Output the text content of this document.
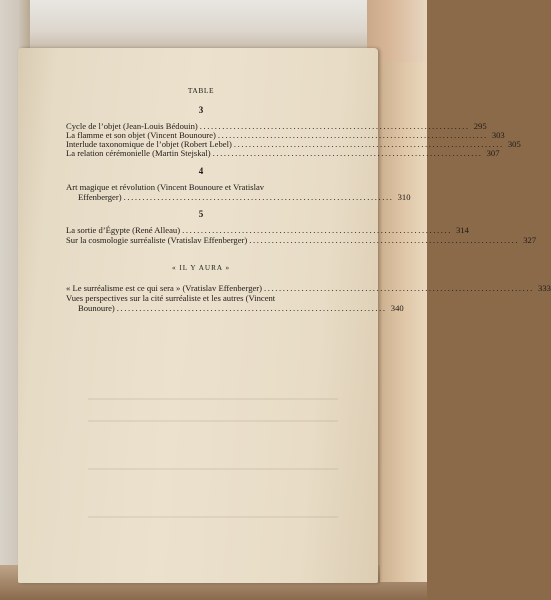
TABLE
3
Cycle de l’objet (Jean-Louis Bédouin) ........................................................................ 295
La flamme et son objet (Vincent Bounoure) ........................................................................ 303
Interlude taxonomique de l’objet (Robert Lebel) ........................................................................ 305
La relation cérémonielle (Martin Stejskal) ........................................................................ 307
4
Art magique et révolution (Vincent Bounoure et Vratislav
Effenberger) ........................................................................ 310
5
La sortie d’Égypte (René Alleau) ........................................................................ 314
Sur la cosmologie surréaliste (Vratislav Effenberger) ........................................................................ 327
« IL Y AURA »
« Le surréalisme est ce qui sera » (Vratislav Effenberger) ........................................................................ 333
Vues perspectives sur la cité surréaliste et les autres (Vincent
Bounoure) ........................................................................ 340
